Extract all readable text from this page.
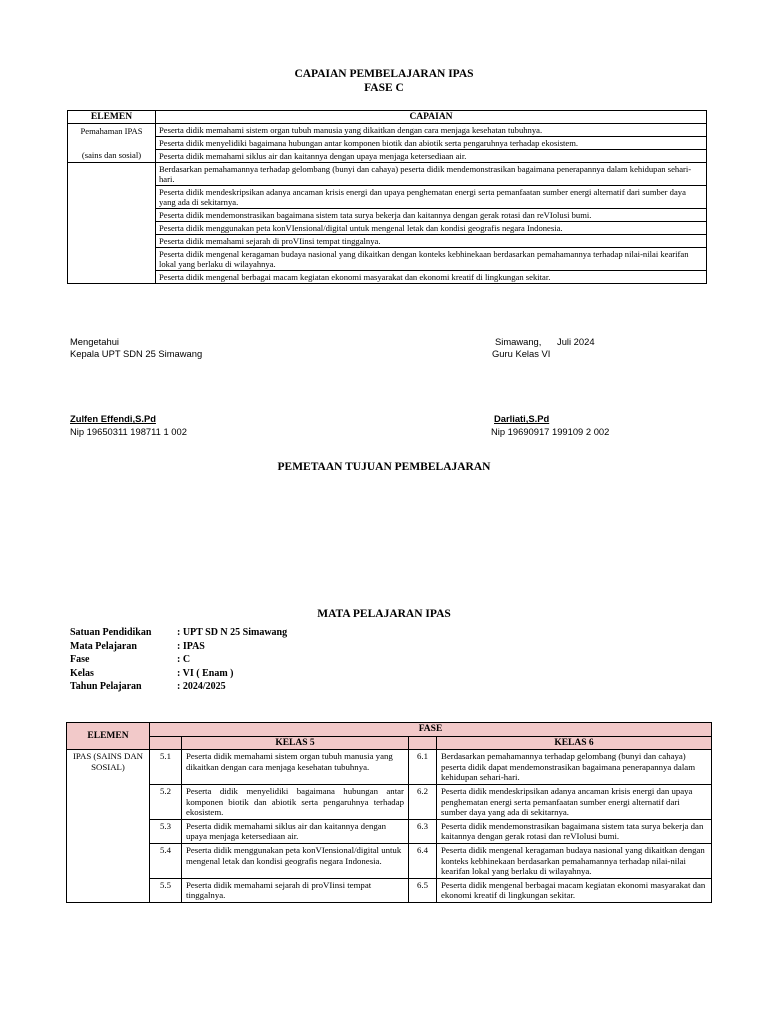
CAPAIAN PEMBELAJARAN IPAS
FASE C
ELEMEN	CAPAIAN

Pemahaman IPAS
(sains dan sosial)	Peserta didik memahami sistem organ tubuh manusia yang dikaitkan dengan cara menjaga kesehatan tubuhnya.
	Peserta didik menyelidiki bagaimana hubungan antar komponen biotik dan abiotik serta pengaruhnya terhadap ekosistem.
	Peserta didik memahami siklus air dan kaitannya dengan upaya menjaga ketersediaan air.
	Berdasarkan pemahamannya terhadap gelombang (bunyi dan cahaya) peserta didik mendemonstrasikan bagaimana penerapannya dalam kehidupan sehari-hari.
	Peserta didik mendeskripsikan adanya ancaman krisis energi dan upaya penghematan energi serta pemanfaatan sumber energi alternatif dari sumber daya yang ada di sekitarnya.
	Peserta didik mendemonstrasikan bagaimana sistem tata surya bekerja dan kaitannya dengan gerak rotasi dan reVIolusi bumi.
	Peserta didik menggunakan peta konVIensional/digital untuk mengenal letak dan kondisi geografis negara Indonesia.
	Peserta didik memahami sejarah di proVIinsi tempat tinggalnya.
	Peserta didik mengenal keragaman budaya nasional yang dikaitkan dengan konteks kebhinekaan berdasarkan pemahamannya terhadap nilai-nilai kearifan lokal yang berlaku di wilayahnya.
	Peserta didik mengenal berbagai macam kegiatan ekonomi masyarakat dan ekonomi kreatif di lingkungan sekitar.
Mengetahui
Kepala UPT SDN 25 Simawang
Simawang,      Juli 2024
Guru Kelas VI
Zulfen Effendi,S.Pd
Nip 19650311 198711 1 002
Darliati,S.Pd
Nip 19690917 199109 2 002
PEMETAAN TUJUAN PEMBELAJARAN
MATA PELAJARAN IPAS
Satuan Pendidikan	: UPT SD N 25 Simawang
Mata Pelajaran	: IPAS
Fase	: C
Kelas	: VI ( Enam )
Tahun Pelajaran	: 2024/2025
ELEMEN	FASE			
		KELAS 5		KELAS 6
IPAS (SAINS DAN SOSIAL)	5.1	Peserta didik memahami sistem organ tubuh manusia yang dikaitkan dengan cara menjaga kesehatan tubuhnya.	6.1	Berdasarkan pemahamannya terhadap gelombang (bunyi dan cahaya) peserta didik dapat mendemonstrasikan bagaimana penerapannya dalam kehidupan sehari-hari.
	5.2	Peserta didik menyelidiki bagaimana hubungan antar komponen biotik dan abiotik serta pengaruhnya terhadap ekosistem.	6.2	Peserta didik mendeskripsikan adanya ancaman krisis energi dan upaya penghematan energi serta pemanfaatan sumber energi alternatif dari sumber daya yang ada di sekitarnya.
	5.3	Peserta didik memahami siklus air dan kaitannya dengan upaya menjaga ketersediaan air.	6.3	Peserta didik mendemonstrasikan bagaimana sistem tata surya bekerja dan kaitannya dengan gerak rotasi dan reVIolusi bumi.
	5.4	Peserta didik menggunakan peta konVIensional/digital untuk mengenal letak dan kondisi geografis negara Indonesia.	6.4	Peserta didik mengenal keragaman budaya nasional yang dikaitkan dengan konteks kebhinekaan berdasarkan pemahamannya terhadap nilai-nilai kearifan lokal yang berlaku di wilayahnya.
	5.5	Peserta didik memahami sejarah di proVIinsi tempat tinggalnya.	6.5	Peserta didik mengenal berbagai macam kegiatan ekonomi masyarakat dan ekonomi kreatif di lingkungan sekitar.
